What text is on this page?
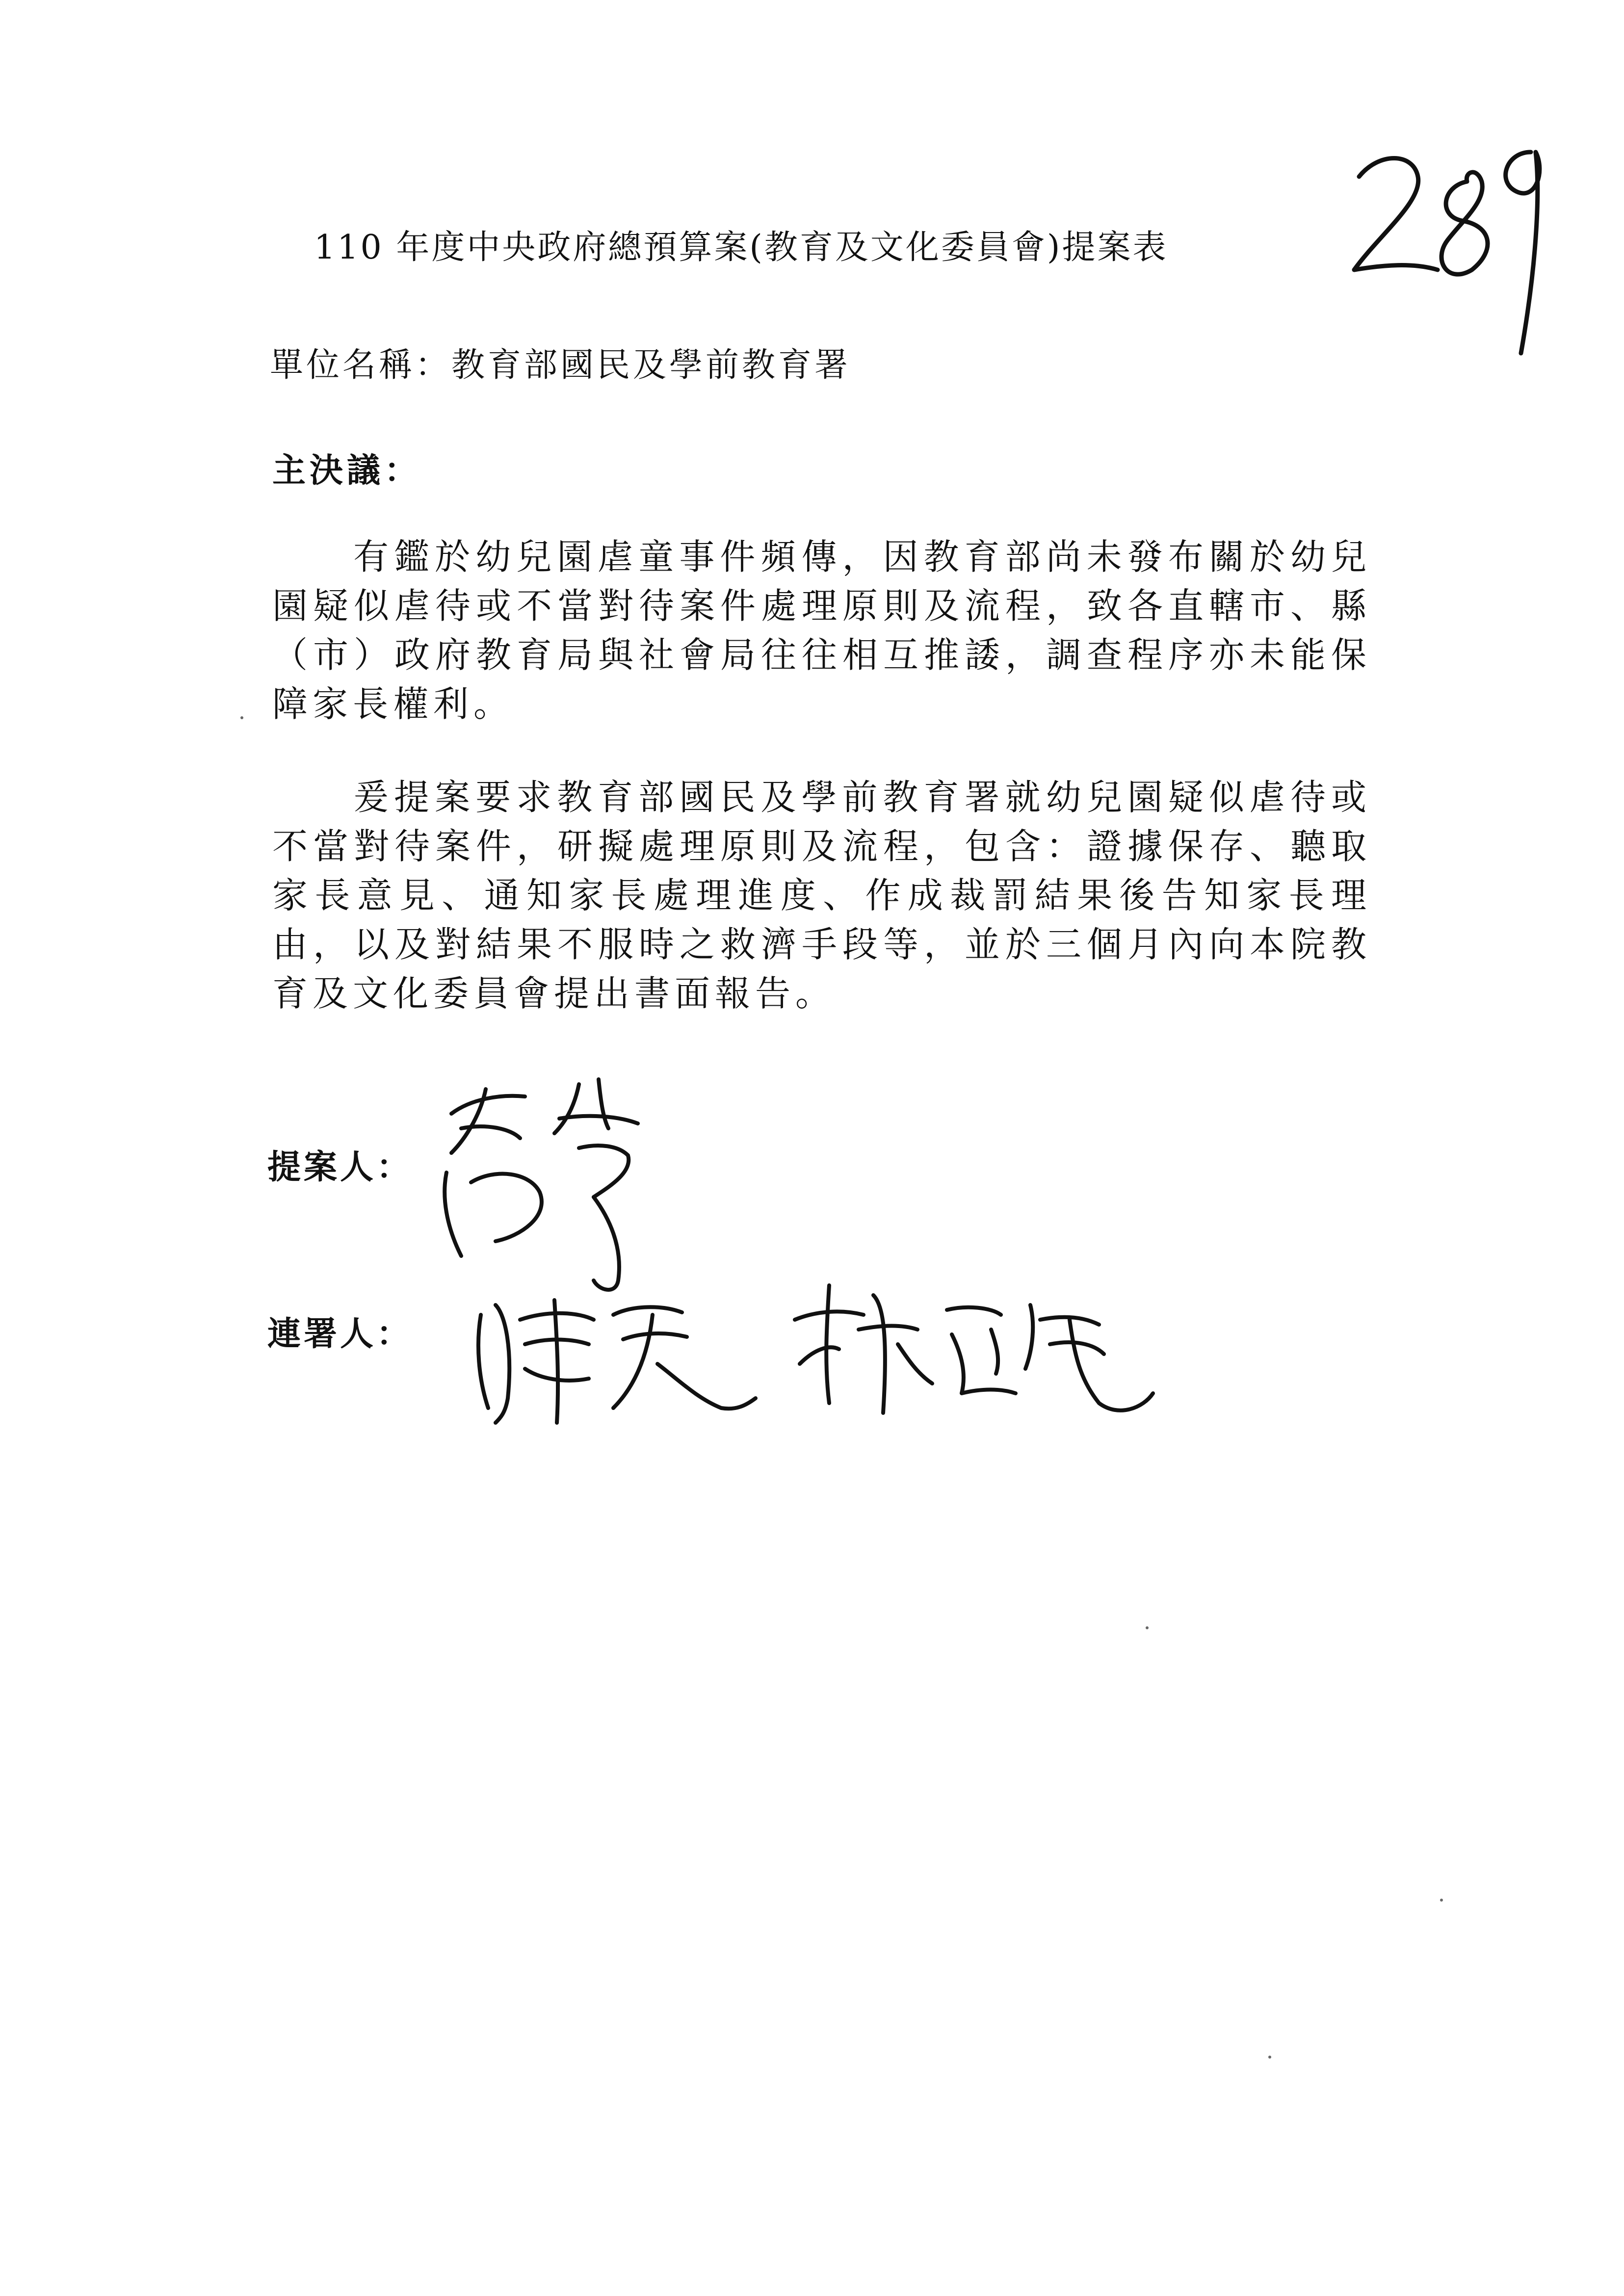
110 年度中央政府總預算案(教育及文化委員會)提案表
單位名稱：教育部國民及學前教育署
主決議：

有鑑於幼兒園虐童事件頻傳，因教育部尚未發布關於幼兒園疑似虐待或不當對待案件處理原則及流程，致各直轄市、縣（市）政府教育局與社會局往往相互推諉，調查程序亦未能保障家長權利。

爰提案要求教育部國民及學前教育署就幼兒園疑似虐待或不當對待案件，研擬處理原則及流程，包含：證據保存、聽取家長意見、通知家長處理進度、作成裁罰結果後告知家長理由，以及對結果不服時之救濟手段等，並於三個月內向本院教育及文化委員會提出書面報告。

提案人：
連署人：
